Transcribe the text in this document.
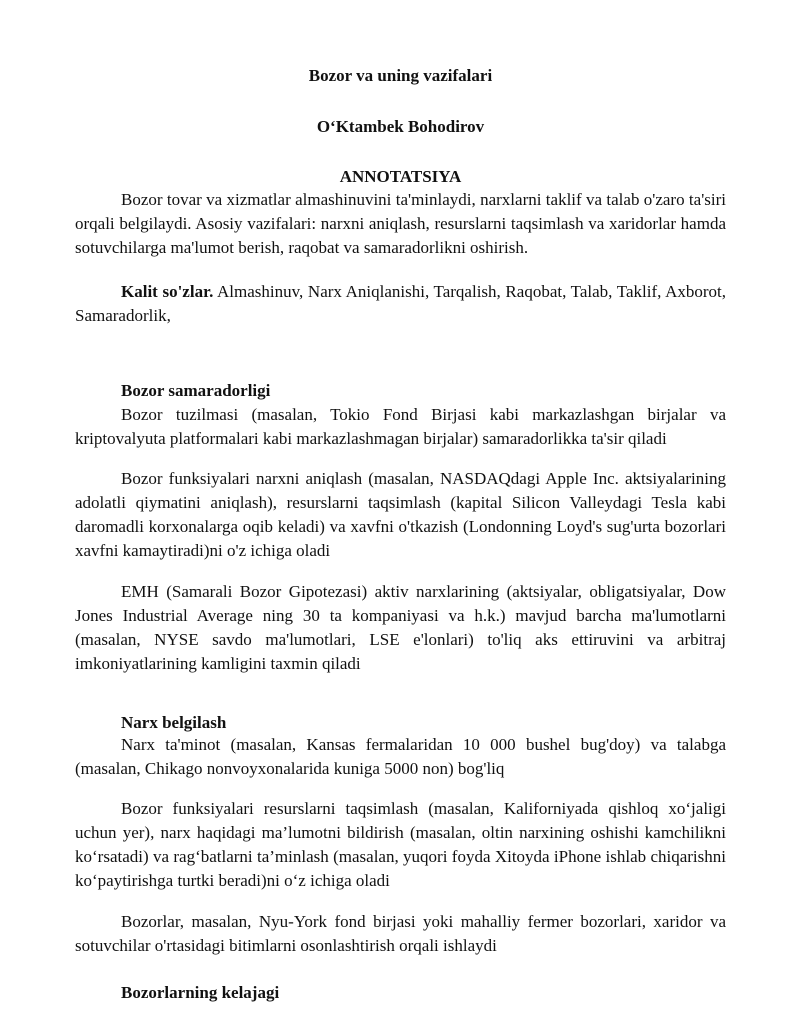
Bozor va uning vazifalari
O‘Ktambek Bohodirov
ANNOTATSIYA

Bozor tovar va xizmatlar almashinuvini ta'minlaydi, narxlarni taklif va talab o'zaro ta'siri orqali belgilaydi. Asosiy vazifalari: narxni aniqlash, resurslarni taqsimlash va xaridorlar hamda sotuvchilarga ma'lumot berish, raqobat va samaradorlikni oshirish.

Kalit so'zlar. Almashinuv, Narx Aniqlanishi, Tarqalish, Raqobat, Talab, Taklif, Axborot, Samaradorlik,

Bozor samaradorligi

Bozor tuzilmasi (masalan, Tokio Fond Birjasi kabi markazlashgan birjalar va kriptovalyuta platformalari kabi markazlashmagan birjalar) samaradorlikka ta'sir qiladi

Bozor funksiyalari narxni aniqlash (masalan, NASDAQdagi Apple Inc. aktsiyalarining adolatli qiymatini aniqlash), resurslarni taqsimlash (kapital Silicon Valleydagi Tesla kabi daromadli korxonalarga oqib keladi) va xavfni o'tkazish (Londonning Loyd's sug'urta bozorlari xavfni kamaytiradi)ni o'z ichiga oladi

EMH (Samarali Bozor Gipotezasi) aktiv narxlarining (aktsiyalar, obligatsiyalar, Dow Jones Industrial Average ning 30 ta kompaniyasi va h.k.) mavjud barcha ma'lumotlarni (masalan, NYSE savdo ma'lumotlari, LSE e'lonlari) to'liq aks ettiruvini va arbitraj imkoniyatlarining kamligini taxmin qiladi

Narx belgilash

Narx ta'minot (masalan, Kansas fermalaridan 10 000 bushel bug'doy) va talabga (masalan, Chikago nonvoyxonalarida kuniga 5000 non) bog'liq

Bozor funksiyalari resurslarni taqsimlash (masalan, Kaliforniyada qishloq xo‘jaligi uchun yer), narx haqidagi ma’lumotni bildirish (masalan, oltin narxining oshishi kamchilikni ko‘rsatadi) va rag‘batlarni ta’minlash (masalan, yuqori foyda Xitoyda iPhone ishlab chiqarishni ko‘paytirishga turtki beradi)ni o‘z ichiga oladi

Bozorlar, masalan, Nyu-York fond birjasi yoki mahalliy fermer bozorlari, xaridor va sotuvchilar o'rtasidagi bitimlarni osonlashtirish orqali ishlaydi

Bozorlarning kelajagi
